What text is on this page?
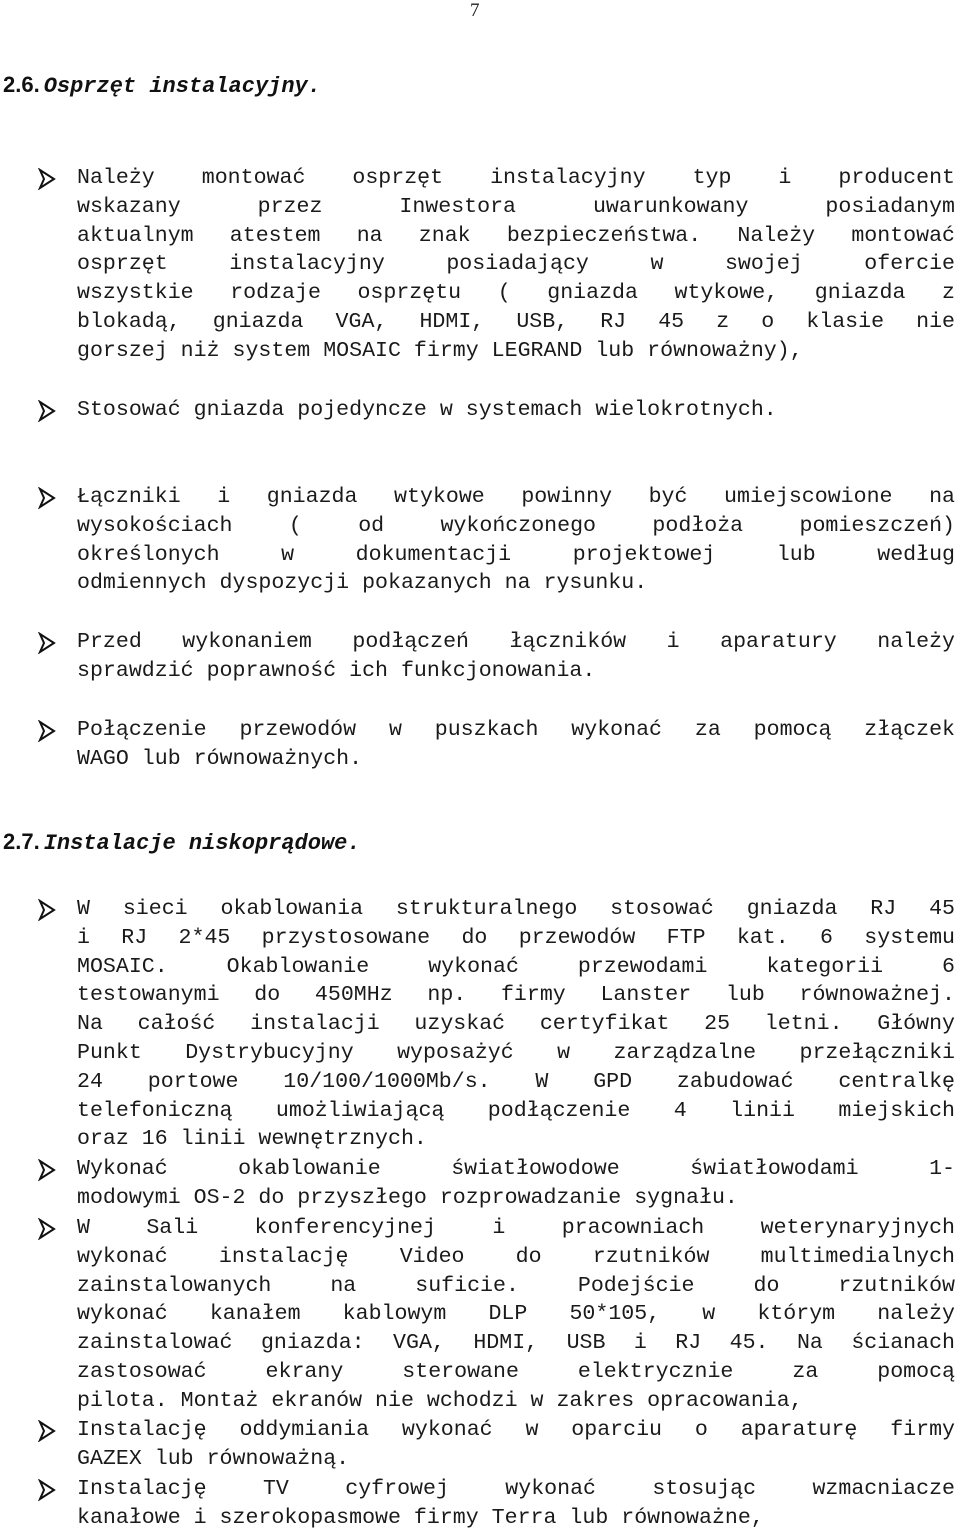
7
2.6. Osprzęt instalacyjny.
Należy montować osprzęt instalacyjny typ i producent
wskazany przez Inwestora uwarunkowany posiadanym
aktualnym atestem na znak bezpieczeństwa. Należy montować
osprzęt instalacyjny posiadający w swojej ofercie
wszystkie rodzaje osprzętu ( gniazda wtykowe, gniazda z
blokadą, gniazda VGA, HDMI, USB, RJ 45 z o klasie nie
gorszej niż system MOSAIC firmy LEGRAND lub równoważny),
Stosować gniazda pojedyncze w systemach wielokrotnych.
Łączniki i gniazda wtykowe powinny być umiejscowione na
wysokościach ( od wykończonego podłoża pomieszczeń)
określonych w dokumentacji projektowej lub według
odmiennych dyspozycji pokazanych na rysunku.
Przed wykonaniem podłączeń łączników i aparatury należy
sprawdzić poprawność ich funkcjonowania.
Połączenie przewodów w puszkach wykonać za pomocą złączek
WAGO lub równoważnych.
2.7. Instalacje niskoprądowe.
W sieci okablowania strukturalnego stosować gniazda RJ 45
i RJ 2*45 przystosowane do przewodów FTP kat. 6 systemu
MOSAIC. Okablowanie wykonać przewodami kategorii 6
testowanymi do 450MHz np. firmy Lanster lub równoważnej.
Na całość instalacji uzyskać certyfikat 25 letni. Główny
Punkt Dystrybucyjny wyposażyć w zarządzalne przełączniki
24 portowe 10/100/1000Mb/s. W GPD zabudować centralkę
telefoniczną umożliwiającą podłączenie 4 linii miejskich
oraz 16 linii wewnętrznych.
Wykonać okablowanie światłowodowe światłowodami 1-
modowymi OS-2 do przyszłego rozprowadzanie sygnału.
W Sali konferencyjnej i pracowniach weterynaryjnych
wykonać instalację Video do rzutników multimedialnych
zainstalowanych na suficie. Podejście do rzutników
wykonać kanałem kablowym DLP 50*105, w którym należy
zainstalować gniazda: VGA, HDMI, USB i RJ 45. Na ścianach
zastosować ekrany sterowane elektrycznie za pomocą
pilota. Montaż ekranów nie wchodzi w zakres opracowania,
Instalację oddymiania wykonać w oparciu o aparaturę firmy
GAZEX lub równoważną.
Instalację TV cyfrowej wykonać stosując wzmacniacze
kanałowe i szerokopasmowe firmy Terra lub równoważne,
